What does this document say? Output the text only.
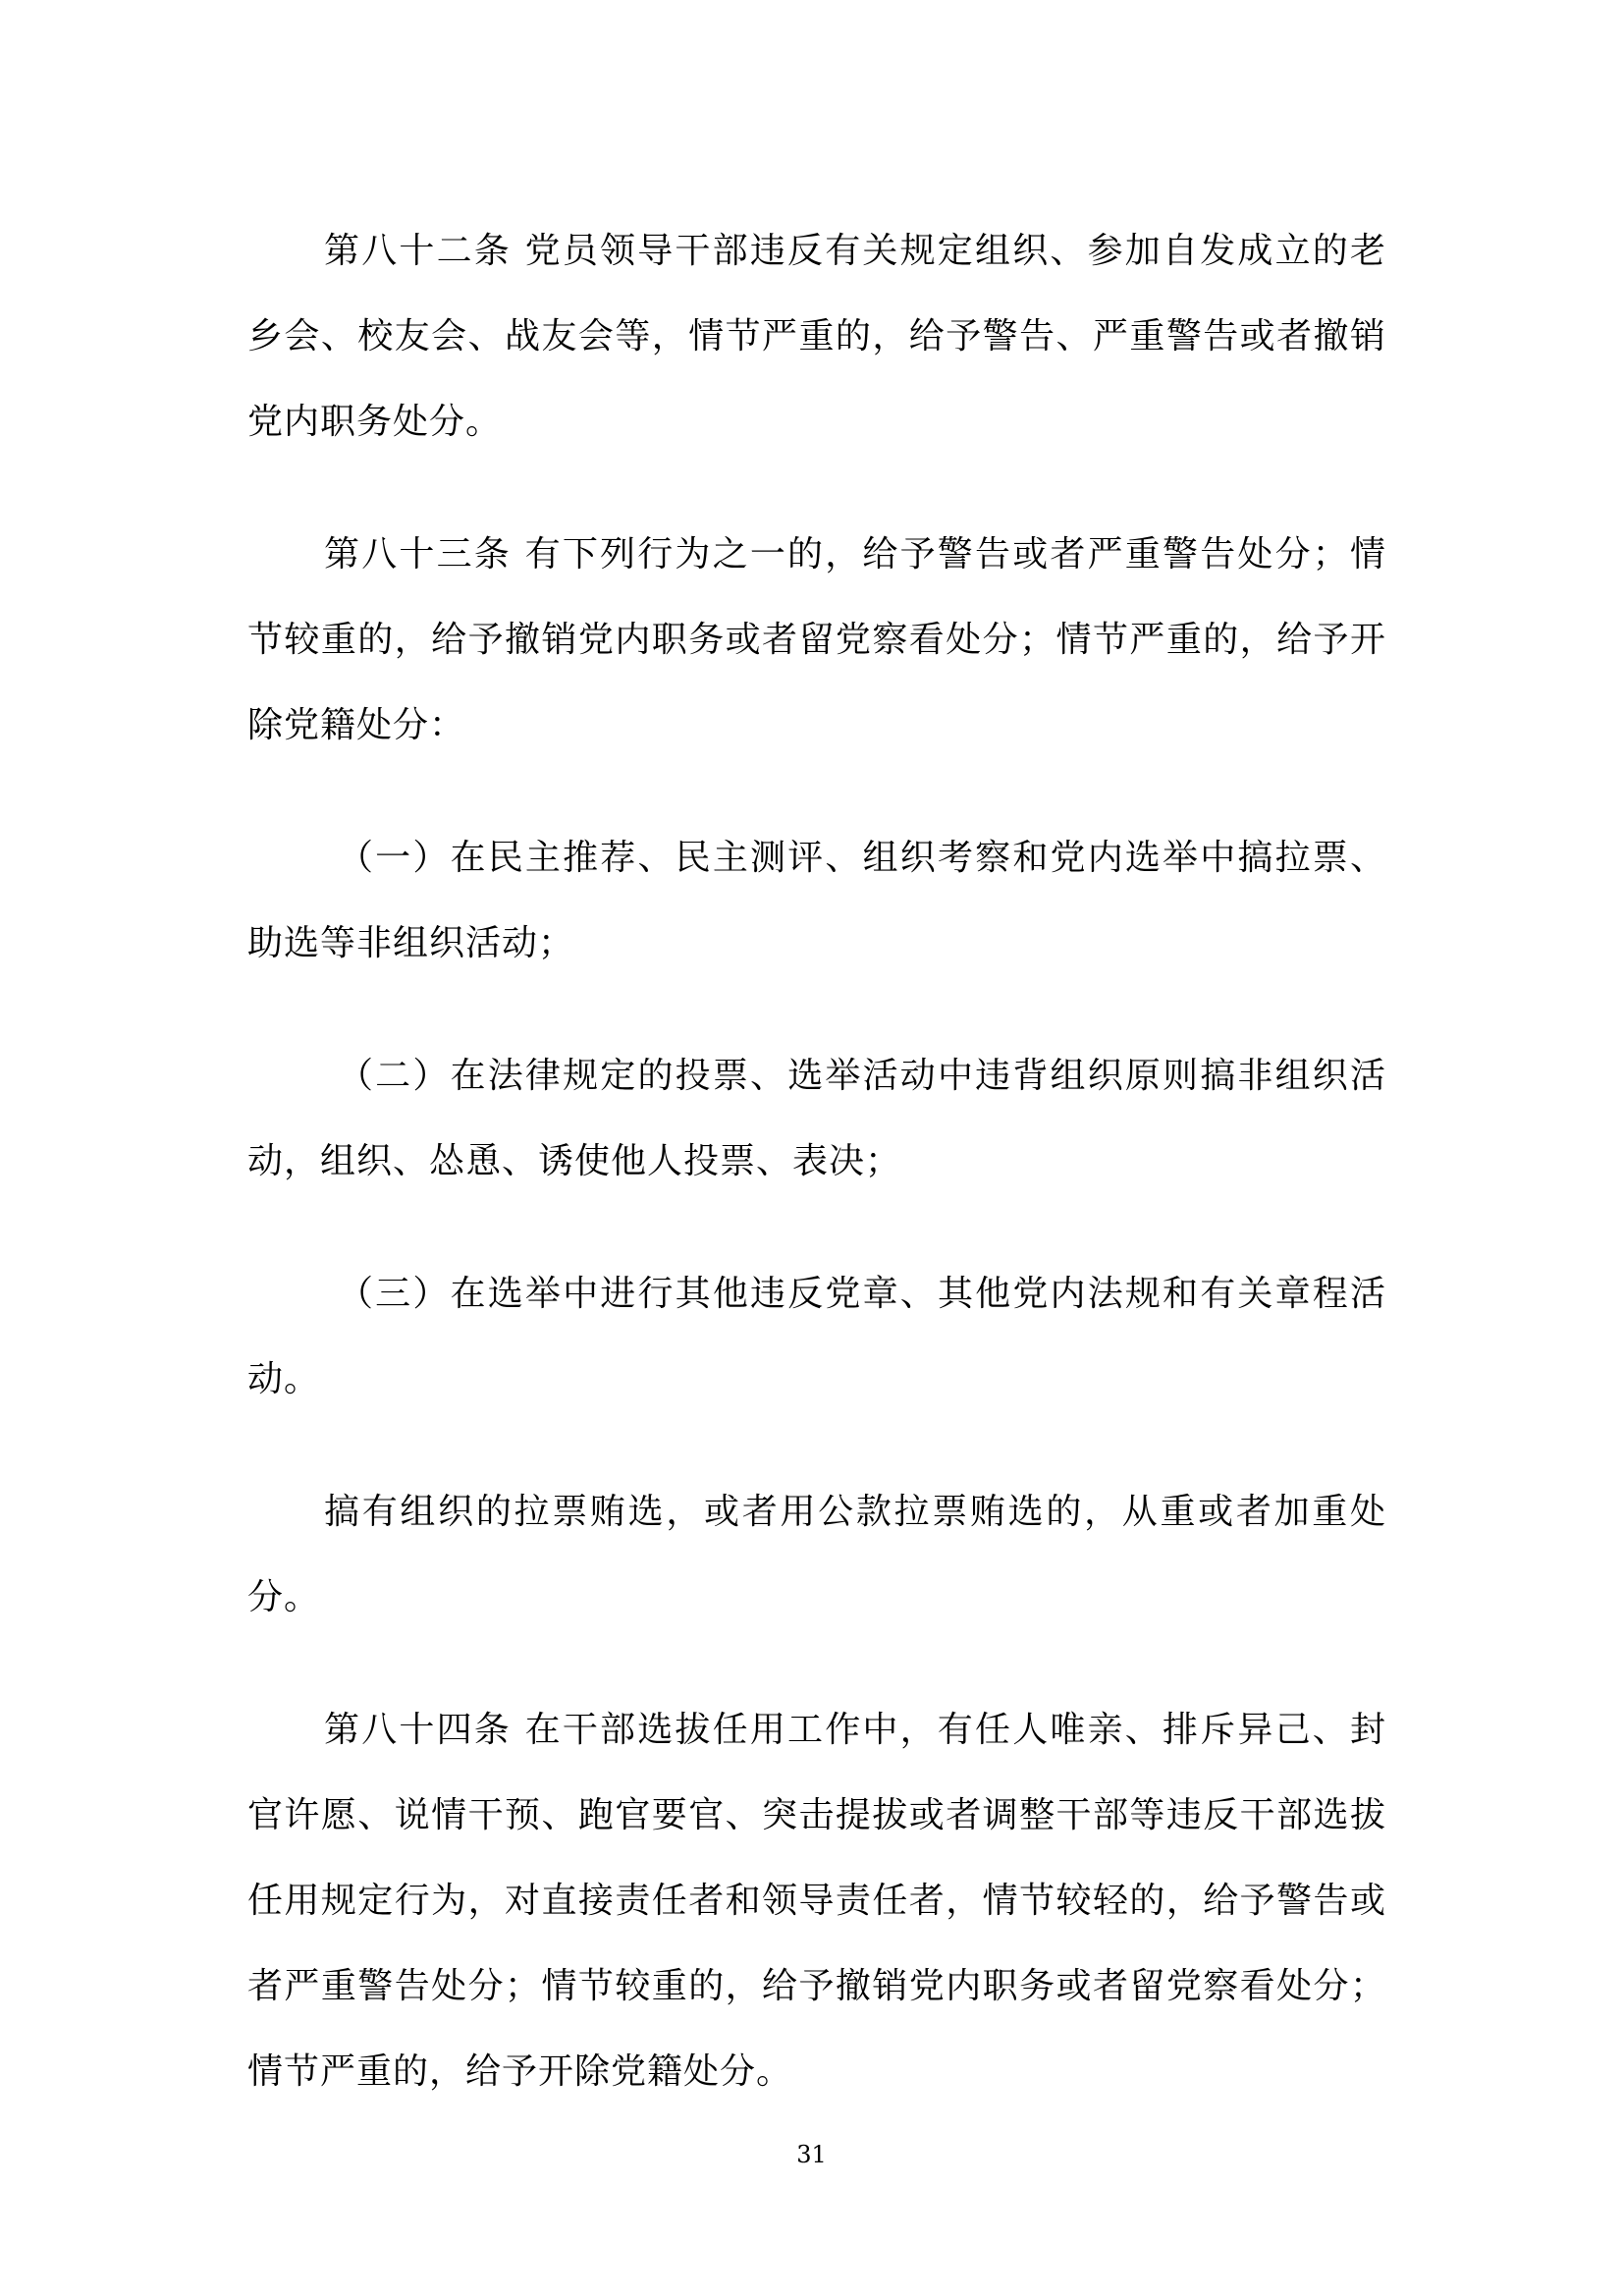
第八十二条 党员领导干部违反有关规定组织、参加自发成立的老乡会、校友会、战友会等，情节严重的，给予警告、严重警告或者撤销党内职务处分。

第八十三条 有下列行为之一的，给予警告或者严重警告处分；情节较重的，给予撤销党内职务或者留党察看处分；情节严重的，给予开除党籍处分：

（一）在民主推荐、民主测评、组织考察和党内选举中搞拉票、助选等非组织活动；

（二）在法律规定的投票、选举活动中违背组织原则搞非组织活动，组织、怂恿、诱使他人投票、表决；

（三）在选举中进行其他违反党章、其他党内法规和有关章程活动。

搞有组织的拉票贿选，或者用公款拉票贿选的，从重或者加重处分。

第八十四条 在干部选拔任用工作中，有任人唯亲、排斥异己、封官许愿、说情干预、跑官要官、突击提拔或者调整干部等违反干部选拔任用规定行为，对直接责任者和领导责任者，情节较轻的，给予警告或者严重警告处分；情节较重的，给予撤销党内职务或者留党察看处分；情节严重的，给予开除党籍处分。

31
